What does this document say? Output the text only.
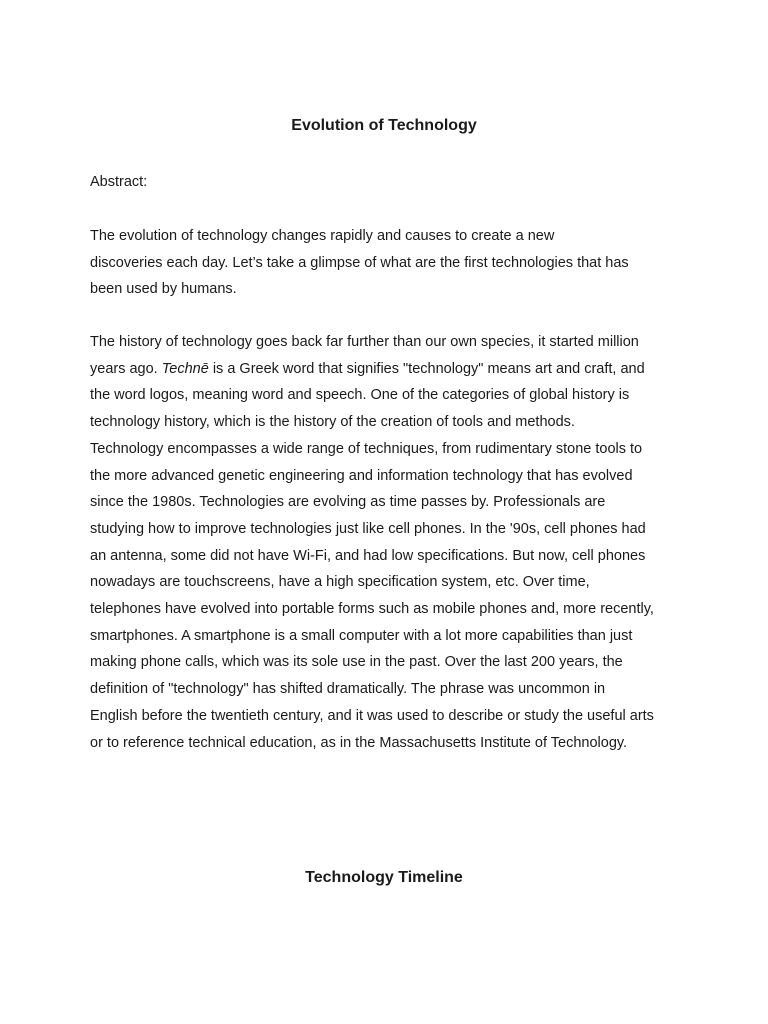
Evolution of Technology

Abstract:

The evolution of technology changes rapidly and causes to create a new
discoveries each day. Let’s take a glimpse of what are the first technologies that has
been used by humans.

The history of technology goes back far further than our own species, it started million
years ago. Technē is a Greek word that signifies "technology" means art and craft, and
the word logos, meaning word and speech. One of the categories of global history is
technology history, which is the history of the creation of tools and methods.
Technology encompasses a wide range of techniques, from rudimentary stone tools to
the more advanced genetic engineering and information technology that has evolved
since the 1980s. Technologies are evolving as time passes by. Professionals are
studying how to improve technologies just like cell phones. In the '90s, cell phones had
an antenna, some did not have Wi-Fi, and had low specifications. But now, cell phones
nowadays are touchscreens, have a high specification system, etc. Over time,
telephones have evolved into portable forms such as mobile phones and, more recently,
smartphones. A smartphone is a small computer with a lot more capabilities than just
making phone calls, which was its sole use in the past. Over the last 200 years, the
definition of "technology" has shifted dramatically. The phrase was uncommon in
English before the twentieth century, and it was used to describe or study the useful arts
or to reference technical education, as in the Massachusetts Institute of Technology.

Technology Timeline
